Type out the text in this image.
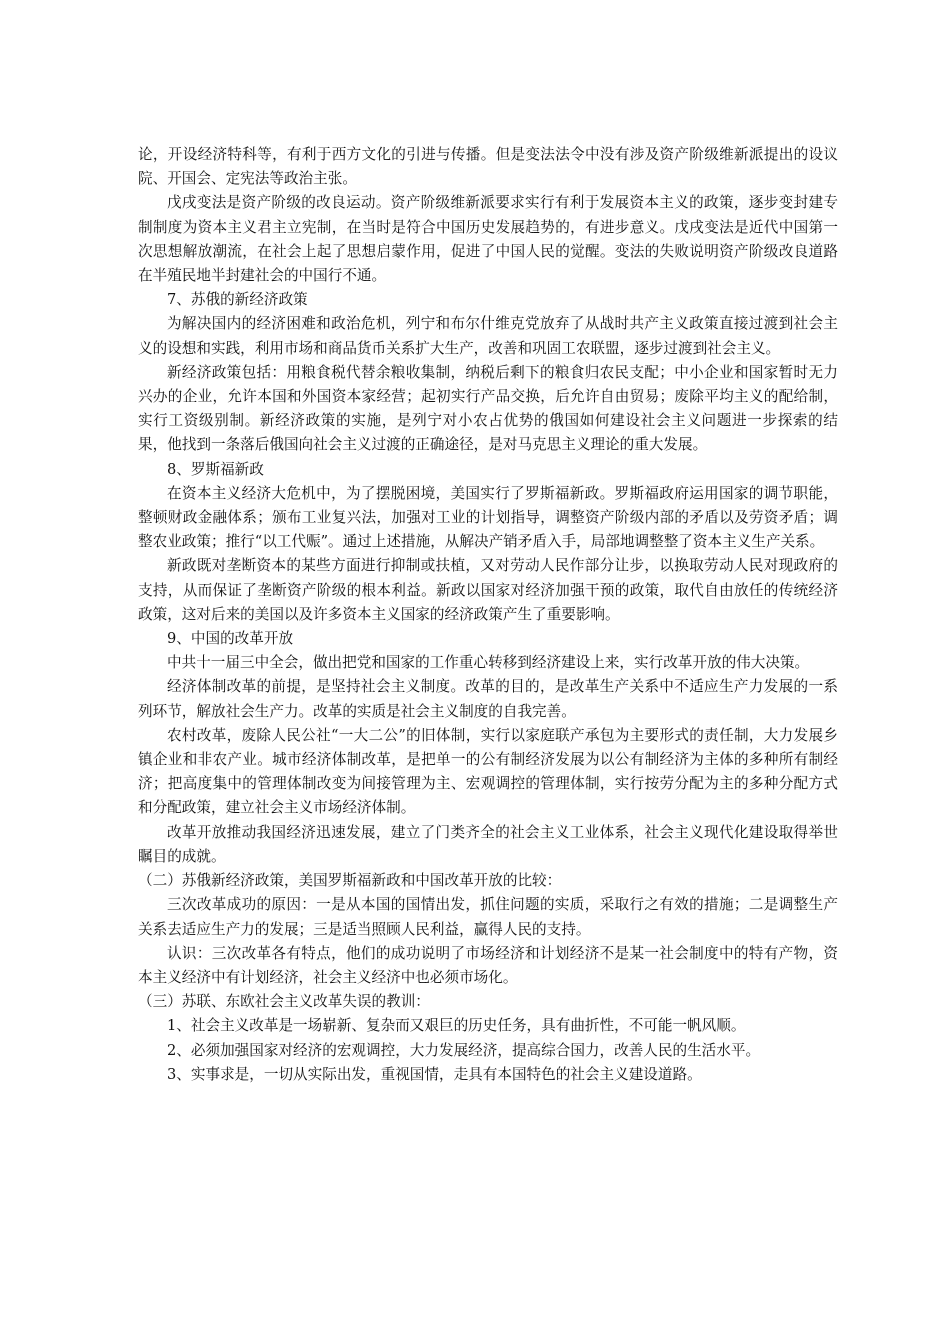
论，开设经济特科等，有利于西方文化的引进与传播。但是变法法令中没有涉及资产阶级维新派提出的设议院、开国会、定宪法等政治主张。

戊戌变法是资产阶级的改良运动。资产阶级维新派要求实行有利于发展资本主义的政策，逐步变封建专制制度为资本主义君主立宪制，在当时是符合中国历史发展趋势的，有进步意义。戊戌变法是近代中国第一次思想解放潮流，在社会上起了思想启蒙作用，促进了中国人民的觉醒。变法的失败说明资产阶级改良道路在半殖民地半封建社会的中国行不通。

7、苏俄的新经济政策

为解决国内的经济困难和政治危机，列宁和布尔什维克党放弃了从战时共产主义政策直接过渡到社会主义的设想和实践，利用市场和商品货币关系扩大生产，改善和巩固工农联盟，逐步过渡到社会主义。

新经济政策包括：用粮食税代替余粮收集制，纳税后剩下的粮食归农民支配；中小企业和国家暂时无力兴办的企业，允许本国和外国资本家经营；起初实行产品交换，后允许自由贸易；废除平均主义的配给制，实行工资级别制。新经济政策的实施，是列宁对小农占优势的俄国如何建设社会主义问题进一步探索的结果，他找到一条落后俄国向社会主义过渡的正确途径，是对马克思主义理论的重大发展。

8、罗斯福新政

在资本主义经济大危机中，为了摆脱困境，美国实行了罗斯福新政。罗斯福政府运用国家的调节职能，整顿财政金融体系；颁布工业复兴法，加强对工业的计划指导，调整资产阶级内部的矛盾以及劳资矛盾；调整农业政策；推行“以工代赈”。通过上述措施，从解决产销矛盾入手，局部地调整整了资本主义生产关系。

新政既对垄断资本的某些方面进行抑制或扶植，又对劳动人民作部分让步，以换取劳动人民对现政府的支持，从而保证了垄断资产阶级的根本利益。新政以国家对经济加强干预的政策，取代自由放任的传统经济政策，这对后来的美国以及许多资本主义国家的经济政策产生了重要影响。

9、中国的改革开放

中共十一届三中全会，做出把党和国家的工作重心转移到经济建设上来，实行改革开放的伟大决策。

经济体制改革的前提，是坚持社会主义制度。改革的目的，是改革生产关系中不适应生产力发展的一系列环节，解放社会生产力。改革的实质是社会主义制度的自我完善。

农村改革，废除人民公社“一大二公”的旧体制，实行以家庭联产承包为主要形式的责任制，大力发展乡镇企业和非农产业。城市经济体制改革，是把单一的公有制经济发展为以公有制经济为主体的多种所有制经济；把高度集中的管理体制改变为间接管理为主、宏观调控的管理体制，实行按劳分配为主的多种分配方式和分配政策，建立社会主义市场经济体制。

改革开放推动我国经济迅速发展，建立了门类齐全的社会主义工业体系，社会主义现代化建设取得举世瞩目的成就。

（二）苏俄新经济政策，美国罗斯福新政和中国改革开放的比较：

三次改革成功的原因：一是从本国的国情出发，抓住问题的实质，采取行之有效的措施；二是调整生产关系去适应生产力的发展；三是适当照顾人民利益，赢得人民的支持。

认识：三次改革各有特点，他们的成功说明了市场经济和计划经济不是某一社会制度中的特有产物，资本主义经济中有计划经济，社会主义经济中也必须市场化。

（三）苏联、东欧社会主义改革失误的教训：

1、社会主义改革是一场崭新、复杂而又艰巨的历史任务，具有曲折性，不可能一帆风顺。

2、必须加强国家对经济的宏观调控，大力发展经济，提高综合国力，改善人民的生活水平。

3、实事求是，一切从实际出发，重视国情，走具有本国特色的社会主义建设道路。
